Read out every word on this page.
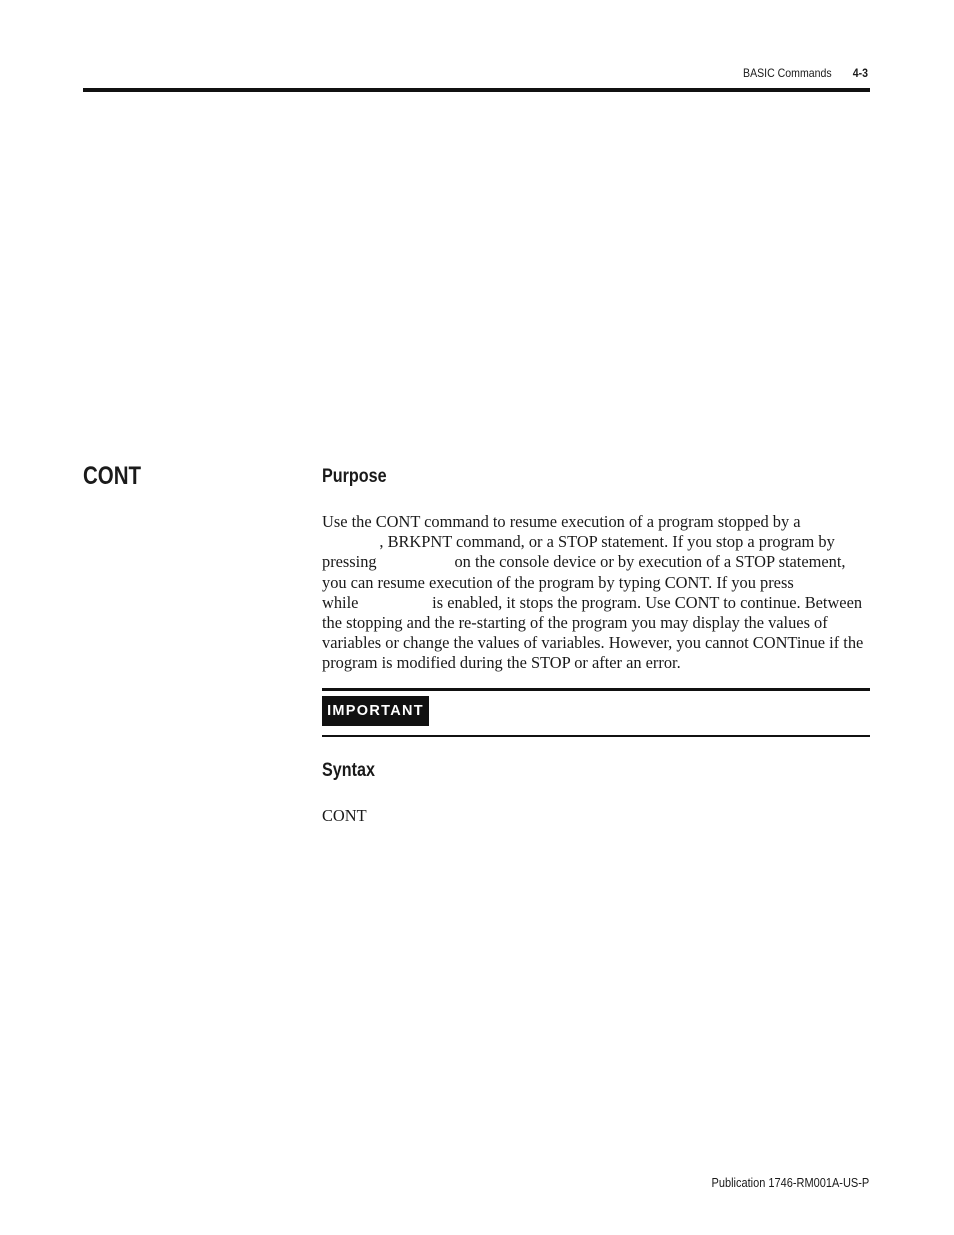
BASIC Commands 4-3
CONT	Purpose
Use the CONT command to resume execution of a program stopped by a
, BRKPNT command, or a STOP statement. If you stop a program by
pressing                   on the console device or by execution of a STOP statement,
you can resume execution of the program by typing CONT. If you press
while                  is enabled, it stops the program. Use CONT to continue. Between
the stopping and the re-starting of the program you may display the values of
variables or change the values of variables. However, you cannot CONTinue if the
program is modified during the STOP or after an error.
IMPORTANT
Syntax
CONT
Publication 1746-RM001A-US-P
